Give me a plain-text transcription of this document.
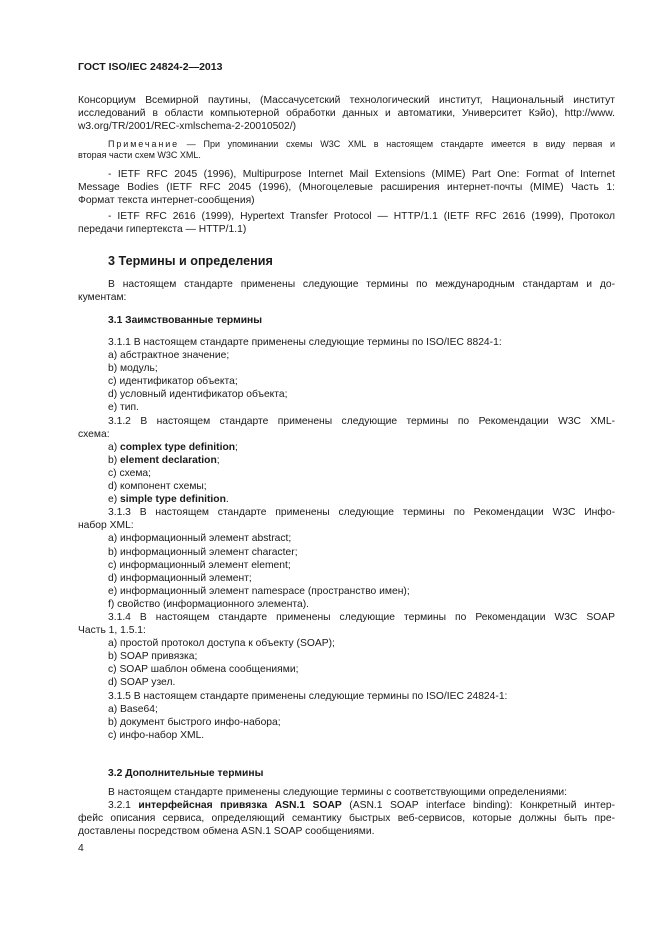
ГОСТ ISO/IEC 24824-2—2013

Консорциум Всемирной паутины, (Массачусетский технологический институт, Национальный институт

исследований в области компьютерной обработки данных и автоматики, Университет Кэйо), http://www.

w3.org/TR/2001/REC-xmlschema-2-20010502/)

Примечание — При упоминании схемы W3C XML в настоящем стандарте имеется в виду первая и

вторая части схем W3C XML.

- IETF RFC 2045 (1996), Multipurpose Internet Mail Extensions (MIME) Part One: Format of Internet

Message Bodies (IETF RFC 2045 (1996), (Многоцелевые расширения интернет-почты (MIME) Часть 1:

Формат текста интернет-сообщения)

- IETF RFC 2616 (1999), Hypertext Transfer Protocol — HTTP/1.1 (IETF RFC 2616 (1999), Протокол

передачи гипертекста — HTTP/1.1)

3 Термины и определения

В настоящем стандарте применены следующие термины по международным стандартам и до-

кументам:

3.1 Заимствованные термины

3.1.1 В настоящем стандарте применены следующие термины по ISO/IEC 8824-1:

a) абстрактное значение;

b) модуль;

c) идентификатор объекта;

d) условный идентификатор объекта;

e) тип.

3.1.2 В настоящем стандарте применены следующие термины по Рекомендации W3C XML-

схема:

a) complex type definition;

b) element declaration;

c) схема;

d) компонент схемы;

e) simple type definition.

3.1.3 В настоящем стандарте применены следующие термины по Рекомендации W3C Инфо-

набор XML:

a) информационный элемент abstract;

b) информационный элемент character;

c) информационный элемент element;

d) информационный элемент;

e) информационный элемент namespace (пространство имен);

f) свойство (информационного элемента).

3.1.4 В настоящем стандарте применены следующие термины по Рекомендации W3C SOAP

Часть 1, 1.5.1:

a) простой протокол доступа к объекту (SOAP);

b) SOAP привязка;

c) SOAP шаблон обмена сообщениями;

d) SOAP узел.

3.1.5 В настоящем стандарте применены следующие термины по ISO/IEC 24824-1:

a) Base64;

b) документ быстрого инфо-набора;

c) инфо-набор XML.

3.2 Дополнительные термины

В настоящем стандарте применены следующие термины с соответствующими определениями:

3.2.1 интерфейсная привязка ASN.1 SOAP (ASN.1 SOAP interface binding): Конкретный интер-

фейс описания сервиса, определяющий семантику быстрых веб-сервисов, которые должны быть пре-

доставлены посредством обмена ASN.1 SOAP сообщениями.

4
